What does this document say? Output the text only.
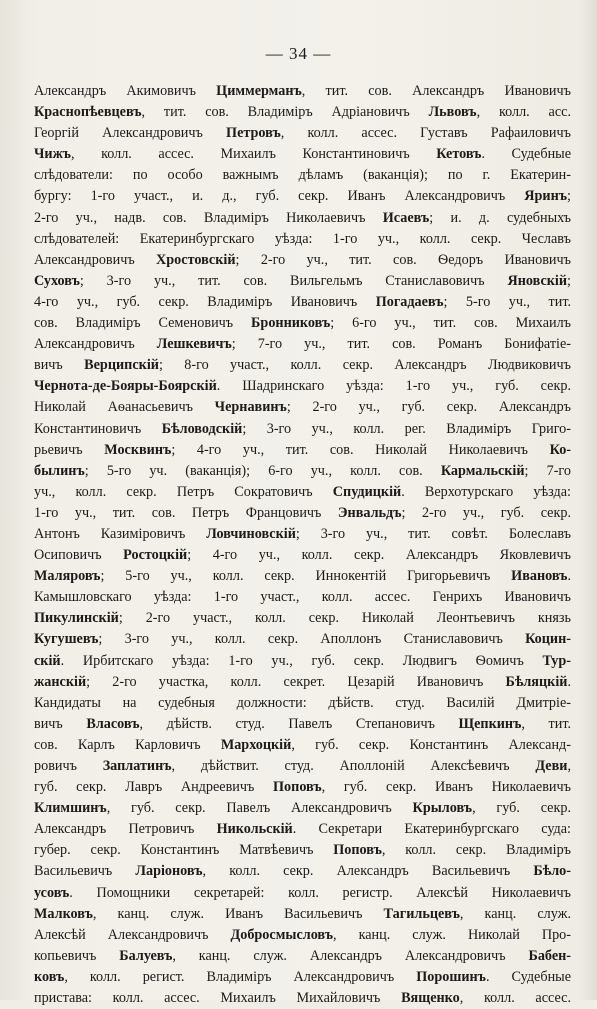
— 34 —
Александръ Акимовичъ Циммерманъ, тит. сов. Александръ Ивановичъ
Краснопѣевцевъ, тит. сов. Владиміръ Адріановичъ Львовъ, колл. асс.
Георгій Александровичъ Петровъ, колл. ассес. Густавъ Рафаиловичъ
Чижъ, колл. ассес. Михаилъ Константиновичъ Кетовъ. Судебные
слѣдователи: по особо важнымъ дѣламъ (ваканція); по г. Екатерин-
бургу: 1-го участ., и. д., губ. секр. Иванъ Александровичъ Яринъ;
2-го уч., надв. сов. Владиміръ Николаевичъ Исаевъ; и. д. судебныхъ
слѣдователей: Екатеринбургскаго уѣзда: 1-го уч., колл. секр. Чеславъ
Александровичъ Хростовскій; 2-го уч., тит. сов. Ѳедоръ Ивановичъ
Суховъ; 3-го уч., тит. сов. Вильгельмъ Станиславовичъ Яновскій;
4-го уч., губ. секр. Владиміръ Ивановичъ Погадаевъ; 5-го уч., тит.
сов. Владиміръ Семеновичъ Бронниковъ; 6-го уч., тит. сов. Михаилъ
Александровичъ Лешкевичъ; 7-го уч., тит. сов. Романъ Бонифатіе-
вичъ Верципскій; 8-го участ., колл. секр. Александръ Людвиковичъ
Чернота-де-Бояры-Боярскій. Шадринскаго уѣзда: 1-го уч., губ. секр.
Николай Аѳанасьевичъ Чернавинъ; 2-го уч., губ. секр. Александръ
Константиновичъ Бѣловодскій; 3-го уч., колл. рег. Владиміръ Григо-
рьевичъ Москвинъ; 4-го уч., тит. сов. Николай Николаевичъ Ко-
былинъ; 5-го уч. (ваканція); 6-го уч., колл. сов. Кармальскій; 7-го
уч., колл. секр. Петръ Сократовичъ Спудицкій. Верхотурскаго уѣзда:
1-го уч., тит. сов. Петръ Францовичъ Энвальдъ; 2-го уч., губ. секр.
Антонъ Казиміровичъ Ловчиновскій; 3-го уч., тит. совѣт. Болеславъ
Осиповичъ Ростоцкій; 4-го уч., колл. секр. Александръ Яковлевичъ
Маляровъ; 5-го уч., колл. секр. Иннокентій Григорьевичъ Ивановъ.
Камышловскаго уѣзда: 1-го участ., колл. ассес. Генрихъ Ивановичъ
Пикулинскій; 2-го участ., колл. секр. Николай Леонтьевичъ князь
Кугушевъ; 3-го уч., колл. секр. Аполлонъ Станиславовичъ Коцин-
скій. Ирбитскаго уѣзда: 1-го уч., губ. секр. Людвигъ Ѳомичъ Тур-
жанскій; 2-го участка, колл. секрет. Цезарій Ивановичъ Бѣляцкій.
Кандидаты на судебныя должности: дѣйств. студ. Василій Дмитріе-
вичъ Власовъ, дѣйств. студ. Павелъ Степановичъ Щепкинъ, тит.
сов. Карлъ Карловичъ Мархоцкій, губ. секр. Константинъ Александ-
ровичъ Заплатинъ, дѣйствит. студ. Аполлоній Алексѣевичъ Деви,
губ. секр. Лавръ Андреевичъ Поповъ, губ. секр. Иванъ Николаевичъ
Климшинъ, губ. секр. Павелъ Александровичъ Крыловъ, губ. секр.
Александръ Петровичъ Никольскій. Секретари Екатеринбургскаго суда:
губер. секр. Константинъ Матвѣевичъ Поповъ, колл. секр. Владиміръ
Васильевичъ Ларіоновъ, колл. секр. Александръ Васильевичъ Бѣло-
усовъ. Помощники секретарей: колл. регистр. Алексѣй Николаевичъ
Малковъ, канц. служ. Иванъ Васильевичъ Тагильцевъ, канц. служ.
Алексѣй Александровичъ Добросмысловъ, канц. служ. Николай Про-
копьевичъ Балуевъ, канц. служ. Александръ Александровичъ Бабен-
ковъ, колл. регист. Владиміръ Александровичъ Порошинъ. Судебные
пристава: колл. ассес. Михаилъ Михайловичъ Вященко, колл. ассес.
